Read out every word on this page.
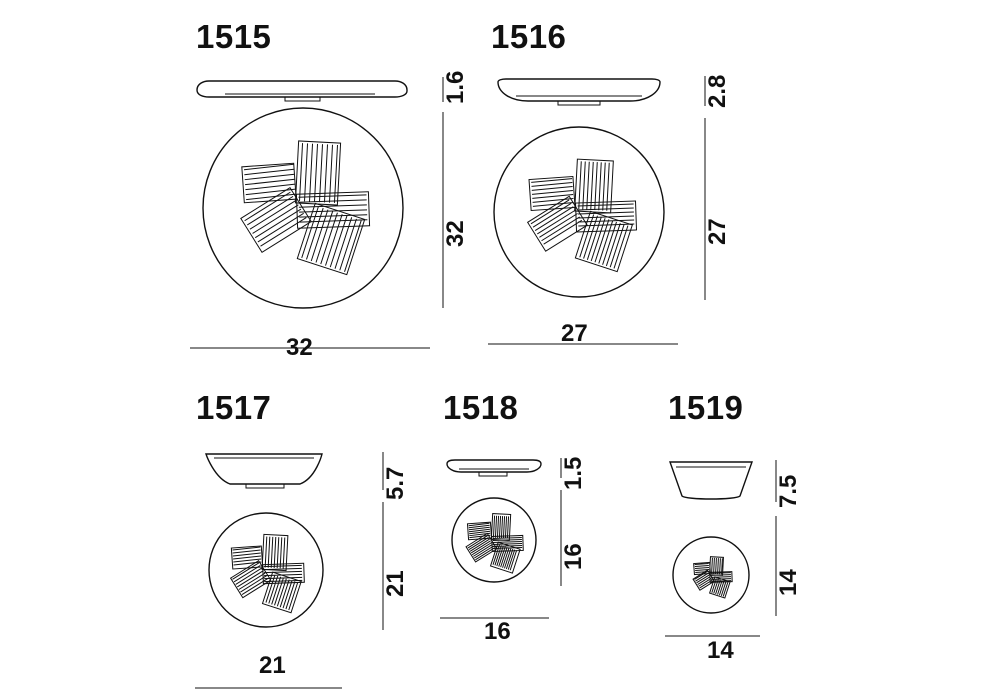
1515
32
1.6
32
1516
27
2.8
27
1517
21
5.7
21
1518
16
1.5
16
1519
14
7.5
14
